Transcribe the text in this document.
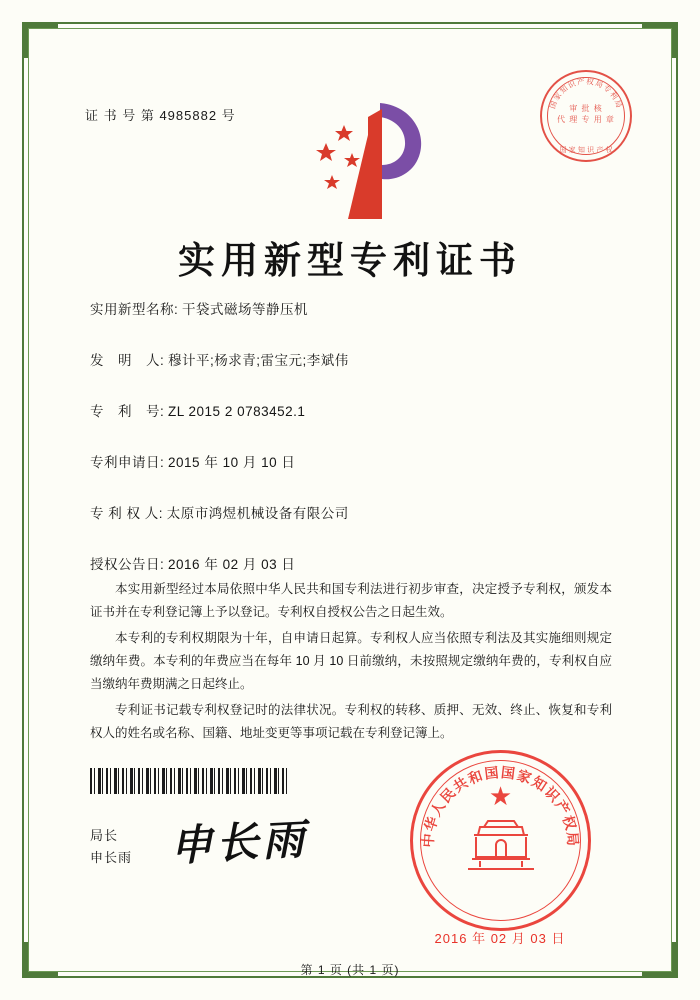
证 书 号 第 4985882 号
国家知识产权局专利局
国 家 知 识 产 权
审 批 核
代 理 专 用 章
实用新型专利证书
实用新型名称: 干袋式磁场等静压机
发　明　人: 穆计平;杨求青;雷宝元;李斌伟
专　利　号: ZL 2015 2 0783452.1
专利申请日: 2015 年 10 月 10 日
专 利 权 人: 太原市鸿煜机械设备有限公司
授权公告日: 2016 年 02 月 03 日

本实用新型经过本局依照中华人民共和国专利法进行初步审查，决定授予专利权，颁发本证书并在专利登记簿上予以登记。专利权自授权公告之日起生效。

本专利的专利权期限为十年，自申请日起算。专利权人应当依照专利法及其实施细则规定缴纳年费。本专利的年费应当在每年 10 月 10 日前缴纳，未按照规定缴纳年费的，专利权自应当缴纳年费期满之日起终止。

专利证书记载专利权登记时的法律状况。专利权的转移、质押、无效、终止、恢复和专利权人的姓名或名称、国籍、地址变更等事项记载在专利登记簿上。

申长雨
局长
申长雨
中华人民共和国国家知识产权局
★
2016 年 02 月 03 日
第 1 页 (共 1 页)
